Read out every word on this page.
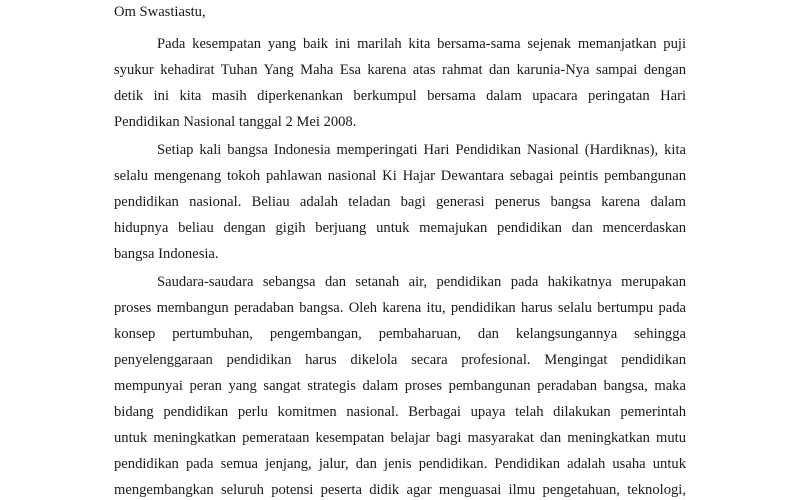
Om Swastiastu,
Pada kesempatan yang baik ini marilah kita bersama-sama sejenak memanjatkan puji
syukur kehadirat Tuhan Yang Maha Esa karena atas rahmat dan karunia-Nya sampai dengan
detik ini kita masih diperkenankan berkumpul bersama dalam upacara peringatan Hari
Pendidikan Nasional tanggal 2 Mei 2008.
Setiap kali bangsa Indonesia memperingati Hari Pendidikan Nasional (Hardiknas), kita
selalu mengenang tokoh pahlawan nasional Ki Hajar Dewantara sebagai peintis pembangunan
pendidikan nasional. Beliau adalah teladan bagi generasi penerus bangsa karena dalam
hidupnya beliau dengan gigih berjuang untuk memajukan pendidikan dan mencerdaskan
bangsa Indonesia.
Saudara-saudara sebangsa dan setanah air, pendidikan pada hakikatnya merupakan
proses membangun peradaban bangsa. Oleh karena itu, pendidikan harus selalu bertumpu pada
konsep pertumbuhan, pengembangan, pembaharuan, dan kelangsungannya sehingga
penyelenggaraan pendidikan harus dikelola secara profesional. Mengingat pendidikan
mempunyai peran yang sangat strategis dalam proses pembangunan peradaban bangsa, maka
bidang pendidikan perlu komitmen nasional. Berbagai upaya telah dilakukan pemerintah
untuk meningkatkan pemerataan kesempatan belajar bagi masyarakat dan meningkatkan mutu
pendidikan pada semua jenjang, jalur, dan jenis pendidikan. Pendidikan adalah usaha untuk
mengembangkan seluruh potensi peserta didik agar menguasai ilmu pengetahuan, teknologi,
